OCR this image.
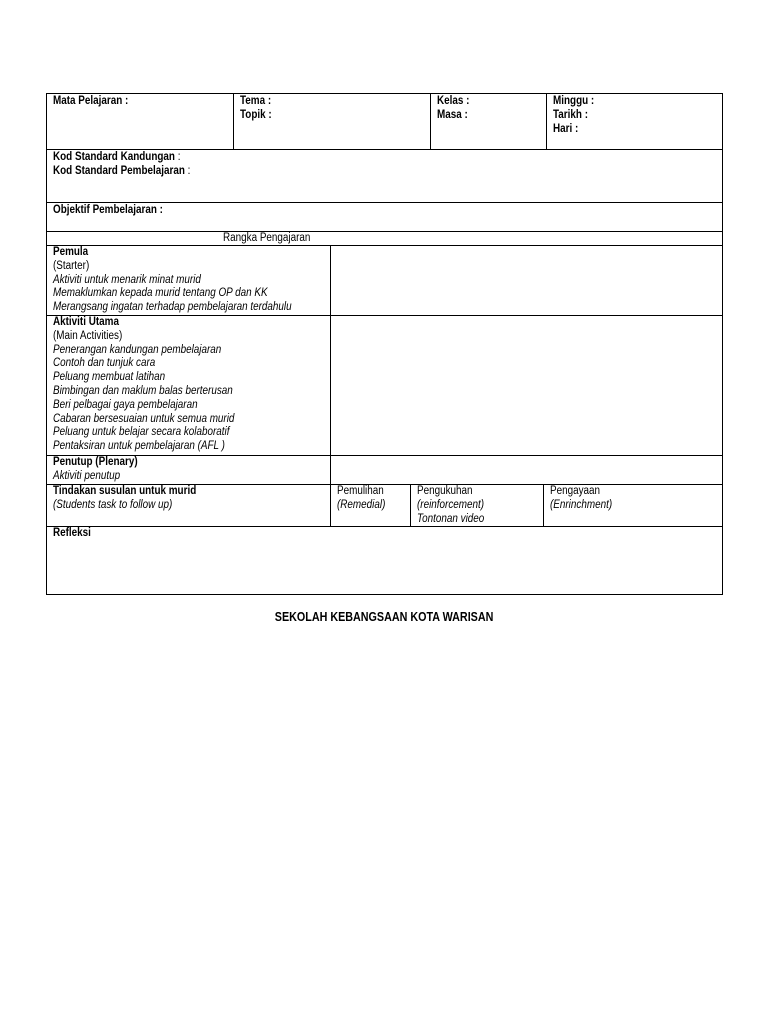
Mata Pelajaran :	Tema :
Topik :
Kelas :
Masa :
Minggu :
Tarikh :
Hari :
Kod Standard Kandungan :
Kod Standard Pembelajaran :
Objektif Pembelajaran :
Rangka Pengajaran
Pemula
(Starter)
Aktiviti untuk menarik minat murid
Memaklumkan kepada murid tentang OP dan KK
Merangsang ingatan terhadap pembelajaran terdahulu
Aktiviti Utama
(Main Activities)
Penerangan kandungan pembelajaran
Contoh dan tunjuk cara
Peluang membuat latihan
Bimbingan dan maklum balas berterusan
Beri pelbagai gaya pembelajaran
Cabaran bersesuaian untuk semua murid
Peluang untuk belajar secara kolaboratif
Pentaksiran untuk pembelajaran (AFL )
Penutup (Plenary)
Aktiviti penutup
Tindakan susulan untuk murid
(Students task to follow up)
Pemulihan
(Remedial)
Pengukuhan
(reinforcement)
Tontonan video
Pengayaan
(Enrinchment)
Refleksi
SEKOLAH KEBANGSAAN KOTA WARISAN
